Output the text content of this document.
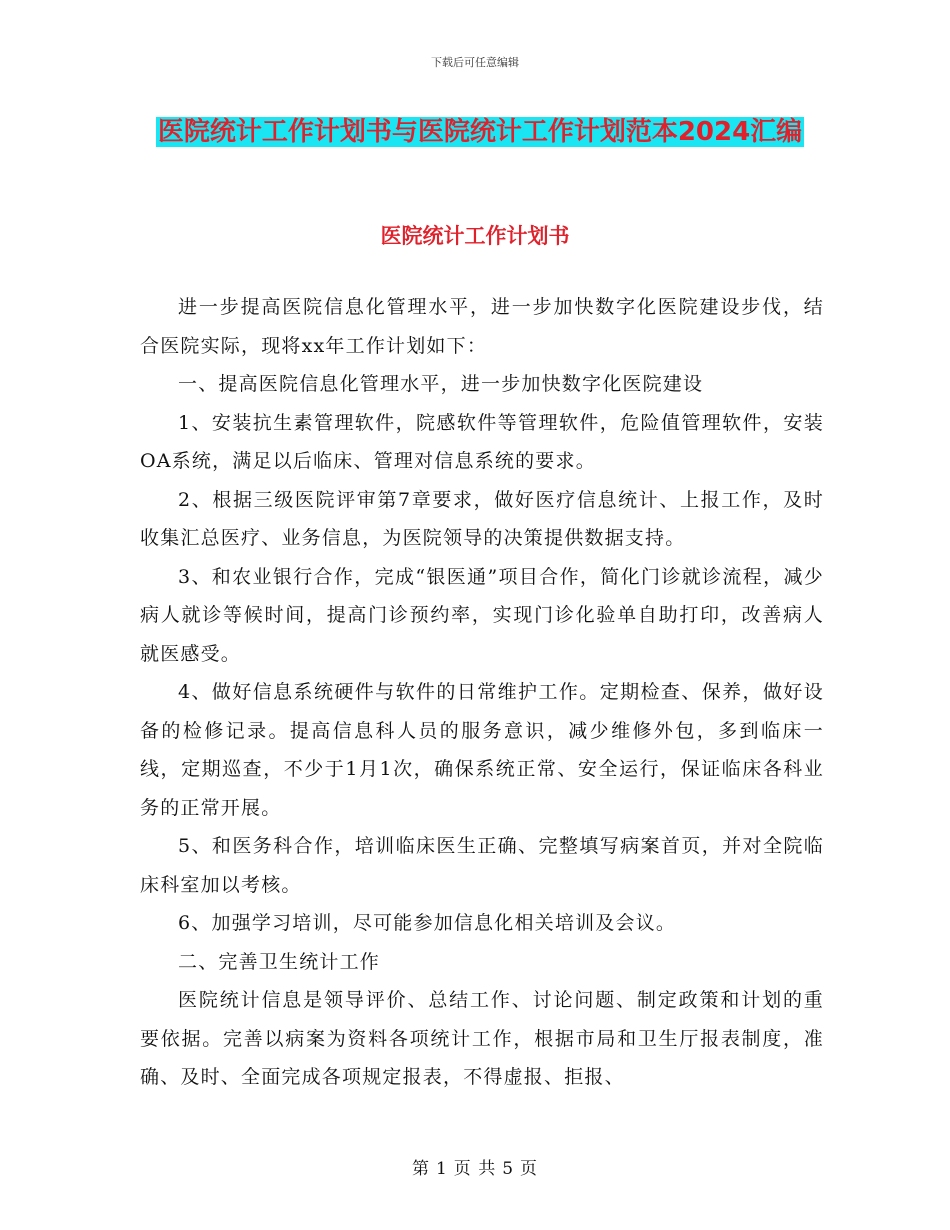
下载后可任意编辑
医院统计工作计划书与医院统计工作计划范本2024汇编
医院统计工作计划书

进一步提高医院信息化管理水平，进一步加快数字化医院建设步伐，结合医院实际，现将xx年工作计划如下：

一、提高医院信息化管理水平，进一步加快数字化医院建设

1、安装抗生素管理软件，院感软件等管理软件，危险值管理软件，安装OA系统，满足以后临床、管理对信息系统的要求。

2、根据三级医院评审第7章要求，做好医疗信息统计、上报工作，及时收集汇总医疗、业务信息，为医院领导的决策提供数据支持。

3、和农业银行合作，完成“银医通”项目合作，简化门诊就诊流程，减少病人就诊等候时间，提高门诊预约率，实现门诊化验单自助打印，改善病人就医感受。

4、做好信息系统硬件与软件的日常维护工作。定期检查、保养，做好设备的检修记录。提高信息科人员的服务意识，减少维修外包，多到临床一线，定期巡查，不少于1月1次，确保系统正常、安全运行，保证临床各科业务的正常开展。

5、和医务科合作，培训临床医生正确、完整填写病案首页，并对全院临床科室加以考核。

6、加强学习培训，尽可能参加信息化相关培训及会议。

二、完善卫生统计工作

医院统计信息是领导评价、总结工作、讨论问题、制定政策和计划的重要依据。完善以病案为资料各项统计工作，根据市局和卫生厅报表制度，准确、及时、全面完成各项规定报表，不得虚报、拒报、

第 1 页 共 5 页
